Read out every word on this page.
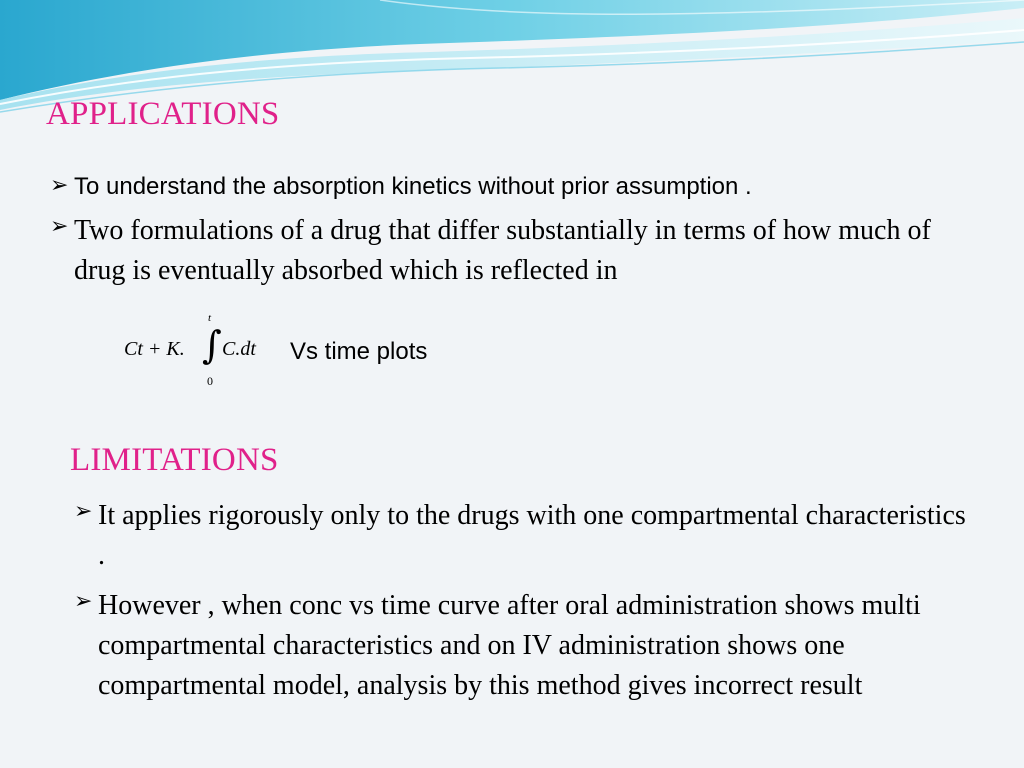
APPLICATIONS
➢ To understand the absorption kinetics without prior assumption .
➢ Two formulations of a drug that differ substantially in terms of how much of drug is eventually absorbed which is reflected in
Ct + K.
t
∫
0
C.dt Vs time plots
LIMITATIONS
➢ It applies rigorously only to the drugs with one compartmental characteristics .
➢ However , when conc vs time curve after oral administration shows multi compartmental characteristics and on IV administration shows one compartmental model, analysis by this method gives incorrect result
